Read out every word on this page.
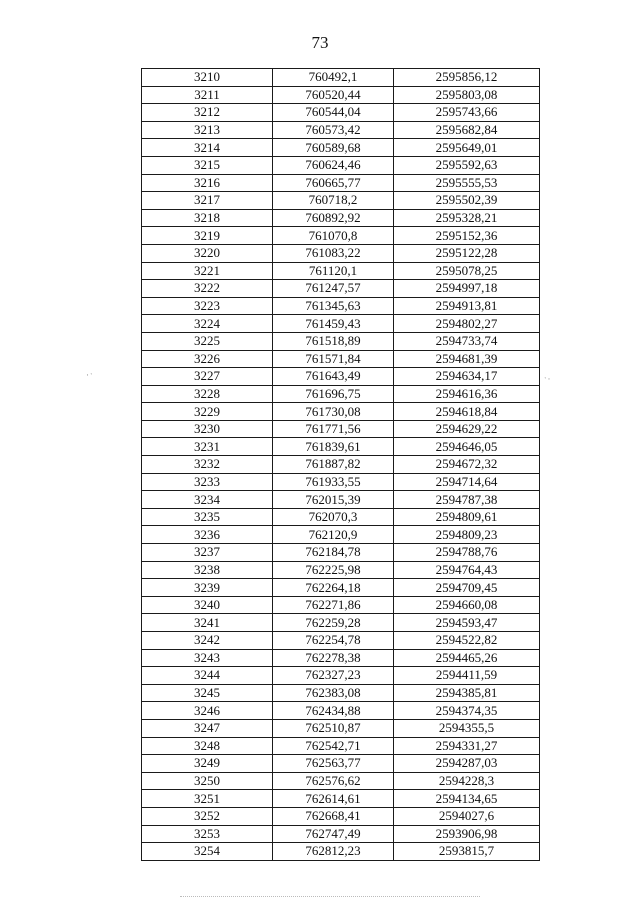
73
3210	760492,1	2595856,12
3211	760520,44	2595803,08
3212	760544,04	2595743,66
3213	760573,42	2595682,84
3214	760589,68	2595649,01
3215	760624,46	2595592,63
3216	760665,77	2595555,53
3217	760718,2	2595502,39
3218	760892,92	2595328,21
3219	761070,8	2595152,36
3220	761083,22	2595122,28
3221	761120,1	2595078,25
3222	761247,57	2594997,18
3223	761345,63	2594913,81
3224	761459,43	2594802,27
3225	761518,89	2594733,74
3226	761571,84	2594681,39
3227	761643,49	2594634,17
3228	761696,75	2594616,36
3229	761730,08	2594618,84
3230	761771,56	2594629,22
3231	761839,61	2594646,05
3232	761887,82	2594672,32
3233	761933,55	2594714,64
3234	762015,39	2594787,38
3235	762070,3	2594809,61
3236	762120,9	2594809,23
3237	762184,78	2594788,76
3238	762225,98	2594764,43
3239	762264,18	2594709,45
3240	762271,86	2594660,08
3241	762259,28	2594593,47
3242	762254,78	2594522,82
3243	762278,38	2594465,26
3244	762327,23	2594411,59
3245	762383,08	2594385,81
3246	762434,88	2594374,35
3247	762510,87	2594355,5
3248	762542,71	2594331,27
3249	762563,77	2594287,03
3250	762576,62	2594228,3
3251	762614,61	2594134,65
3252	762668,41	2594027,6
3253	762747,49	2593906,98
3254	762812,23	2593815,7
·ˑ	ˑ·
